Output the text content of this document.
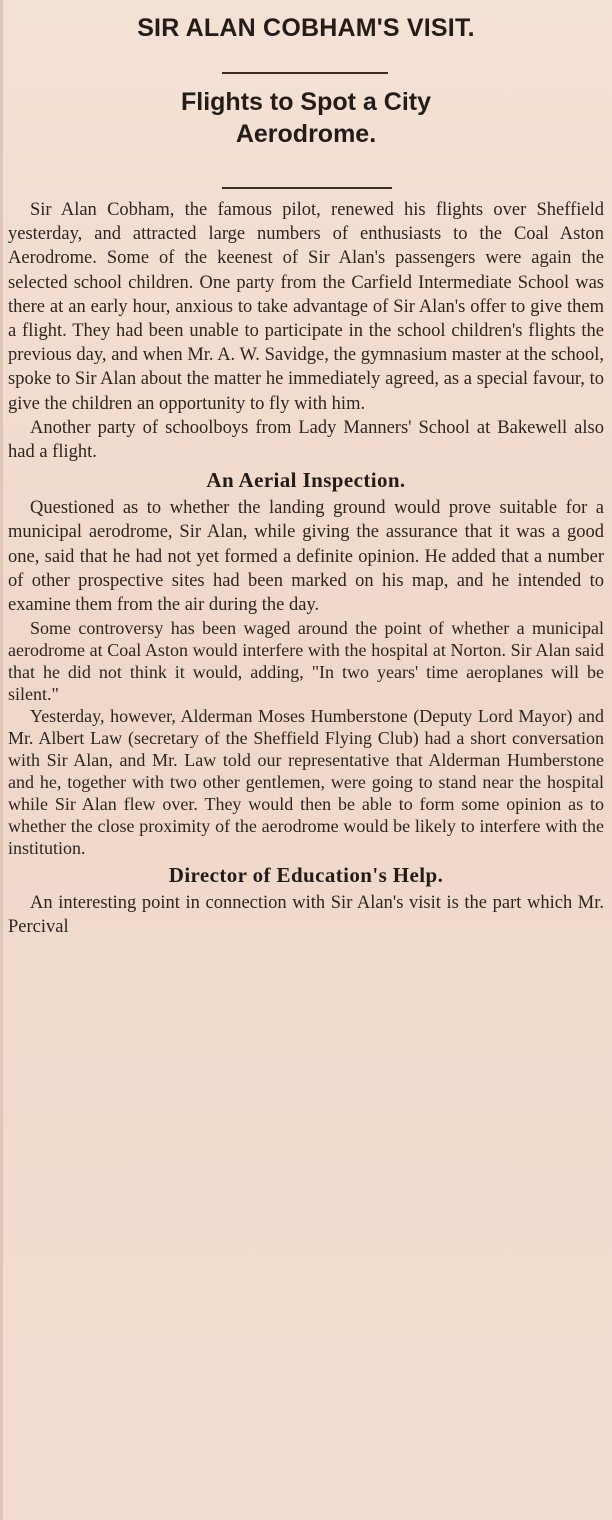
SIR ALAN COBHAM'S VISIT.
Flights to Spot a City
Aerodrome.

Sir Alan Cobham, the famous pilot, renewed his flights over Sheffield yesterday, and attracted large numbers of enthusiasts to the Coal Aston Aerodrome. Some of the keenest of Sir Alan's passengers were again the selected school children. One party from the Carfield Intermediate School was there at an early hour, anxious to take advantage of Sir Alan's offer to give them a flight. They had been unable to participate in the school children's flights the previous day, and when Mr. A. W. Savidge, the gymnasium master at the school, spoke to Sir Alan about the matter he immediately agreed, as a special favour, to give the children an opportunity to fly with him.

Another party of schoolboys from Lady Manners' School at Bakewell also had a flight.

An Aerial Inspection.

Questioned as to whether the landing ground would prove suitable for a municipal aerodrome, Sir Alan, while giving the assurance that it was a good one, said that he had not yet formed a definite opinion. He added that a number of other prospective sites had been marked on his map, and he intended to examine them from the air during the day.

Some controversy has been waged around the point of whether a municipal aerodrome at Coal Aston would interfere with the hospital at Norton. Sir Alan said that he did not think it would, adding, "In two years' time aeroplanes will be silent."

Yesterday, however, Alderman Moses Humberstone (Deputy Lord Mayor) and Mr. Albert Law (secretary of the Sheffield Flying Club) had a short conversation with Sir Alan, and Mr. Law told our representative that Alderman Humberstone and he, together with two other gentlemen, were going to stand near the hospital while Sir Alan flew over. They would then be able to form some opinion as to whether the close proximity of the aerodrome would be likely to interfere with the institution.

Director of Education's Help.

An interesting point in connection with Sir Alan's visit is the part which Mr. Percival
